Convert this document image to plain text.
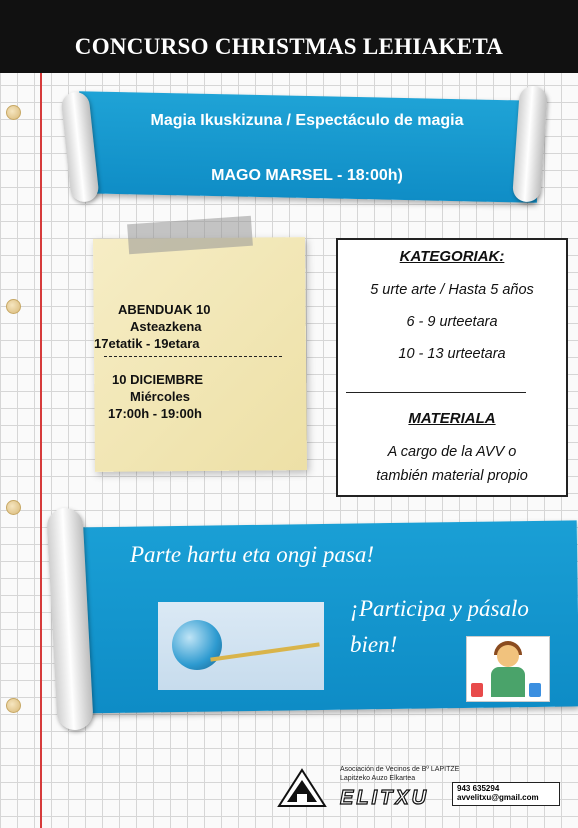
CONCURSO CHRISTMAS LEHIAKETA
Magia Ikuskizuna / Espectáculo de magia
MAGO MARSEL - 18:00h)
ABENDUAK 10
Asteazkena
17etatik - 19etara
10 DICIEMBRE
Miércoles
17:00h - 19:00h
KATEGORIAK:
5 urte arte / Hasta 5 años
6 - 9 urteetara
10 - 13 urteetara
MATERIALA
A cargo de la AVV o
también material propio
Parte hartu eta ongi pasa!
¡Participa y pásalo
bien!
Asociación de Vecinos de Bº LAPITZE
Lapitzeko Auzo Elkartea
ELITXU	943 635294
avvelitxu@gmail.com
